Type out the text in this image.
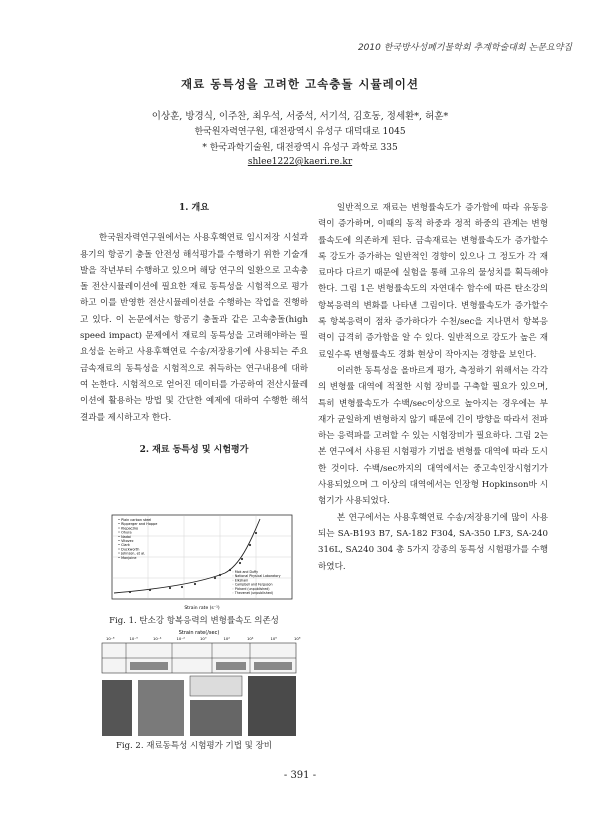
2010 한국방사성폐기물학회 추계학술대회 논문요약집
재료 동특성을 고려한 고속충돌 시뮬레이션
이상훈, 방경식, 이주찬, 최우석, 서중석, 서기석, 김호동, 정세환*, 허훈*
한국원자력연구원, 대전광역시 유성구 대덕대로 1045
* 한국과학기술원, 대전광역시 유성구 과학로 335
shlee1222@kaeri.re.kr
1. 개요

한국원자력연구원에서는 사용후핵연료 임시저장 시설과 용기의 항공기 충돌 안전성 해석평가를 수행하기 위한 기술개발을 작년부터 수행하고 있으며 해당 연구의 일환으로 고속충돌 전산시뮬레이션에 필요한 재료 동특성을 시험적으로 평가하고 이를 반영한 전산시뮬레이션을 수행하는 작업을 진행하고 있다. 이 논문에서는 항공기 충돌과 같은 고속충돌(high speed impact) 문제에서 재료의 동특성을 고려해야하는 필요성을 논하고 사용후핵연료 수송/저장용기에 사용되는 주요 금속재료의 동특성을 시험적으로 취득하는 연구내용에 대하여 논한다. 시험적으로 얻어진 데이터를 가공하여 전산시뮬레이션에 활용하는 방법 및 간단한 예제에 대하여 수행한 해석결과를 제시하고자 한다.

2. 재료 동특성 및 시험평가
• Plain carbon steel
• Ripperger and Hoppe
• Klepaczko
• Ohura
• Nadai
• Vitovec
• Clark
• Duckworth
• Johnson, et al.
• Manjoine
◦ Mok and Duffy
◦ National Physical Laboratory
◦ Elkshani
◦ Campbell and Ferguson
◦ Pickard (unpublished)
◦ Thevenet (unpublished)
Strain rate (s⁻¹)
Fig. 1. 탄소강 항복응력의 변형률속도 의존성
Strain rate(/sec)
10⁻⁸	10⁻⁶	10⁻⁴	10⁻²	10⁰	10²	10⁴	10⁶	10⁸
Fig. 2. 재료동특성 시험평가 기법 및 장비

일반적으로 재료는 변형률속도가 증가함에 따라 유동응력이 증가하며, 이때의 동적 하중과 정적 하중의 관계는 변형률속도에 의존하게 된다. 금속재료는 변형률속도가 증가할수록 강도가 증가하는 일반적인 경향이 있으나 그 정도가 각 재료마다 다르기 때문에 실험을 통해 고유의 물성치를 획득해야한다. 그림 1은 변형률속도의 자연대수 함수에 따른 탄소강의 항복응력의 변화를 나타낸 그림이다. 변형률속도가 증가할수록 항복응력이 점차 증가하다가 수천/sec을 지나면서 항복응력이 급격히 증가함을 알 수 있다. 일반적으로 강도가 높은 재료일수록 변형률속도 경화 현상이 작아지는 경향을 보인다.

이러한 동특성을 올바르게 평가, 측정하기 위해서는 각각의 변형률 대역에 적절한 시험 장비를 구축할 필요가 있으며, 특히 변형률속도가 수백/sec이상으로 높아지는 경우에는 부재가 균일하게 변형하지 않기 때문에 긴이 방향을 따라서 전파하는 응력파를 고려할 수 있는 시험장비가 필요하다. 그림 2는 본 연구에서 사용된 시험평가 기법을 변형률 대역에 따라 도시한 것이다. 수백/sec까지의 대역에서는 중고속인장시험기가 사용되었으며 그 이상의 대역에서는 인장형 Hopkinson바 시험기가 사용되었다.

본 연구에서는 사용후핵연료 수송/저장용기에 많이 사용되는 SA-B193 B7, SA-182 F304, SA-350 LF3, SA-240 316L, SA240 304 총 5가지 강종의 동특성 시험평가를 수행하였다.

- 391 -
